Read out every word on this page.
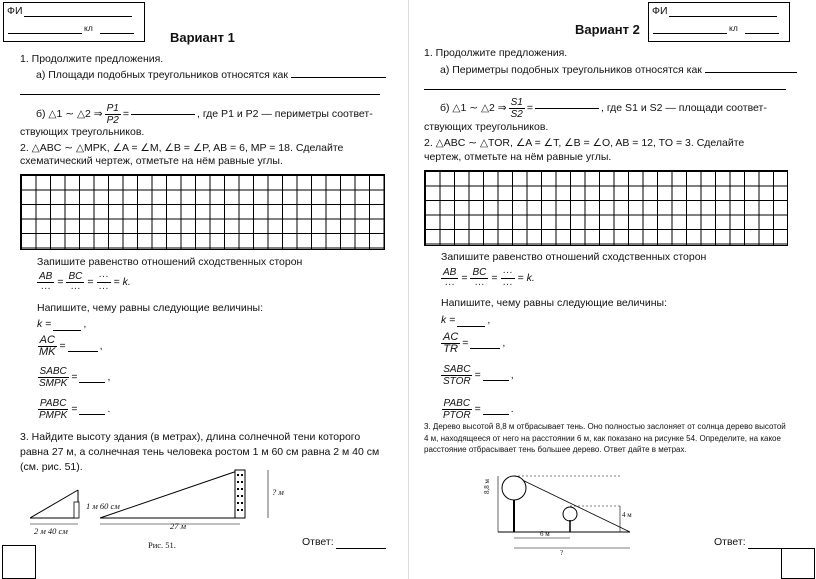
ФИ
кл
Вариант 1
1. Продолжите предложения.
а) Площади подобных треугольников относятся как
б) △1 ∼ △2 ⇒ $\frac{P1}{P2}$ =	, где P1 и P2 — периметры соответ-
ствующих треугольников.
2. △ABC ∼ △MPK, ∠A = ∠M, ∠B = ∠P, AB = 6, MP = 18. Сделайте
схематический чертеж, отметьте на нём равные углы.
Запишите равенство отношений сходственных сторон
$\frac{AB}{\cdot\cdot\cdot} = \frac{BC}{\cdot\cdot\cdot} = \frac{\cdot\cdot\cdot}{\cdot\cdot\cdot} = k$.
Напишите, чему равны следующие величины:
k =	,
$\frac{AC}{MK}$ =	,
$\frac{\text{SABC}}{\text{SMPK}}$ =	,
$\frac{\text{PABC}}{\text{PMPK}}$ =	.
3. Найдите высоту здания (в метрах), длина солнечной тени которого равна 27 м, а солнечная тень человека ростом 1 м 60 см равна 2 м 40 см (см. рис. 51).
1 м 60 см
2 м 40 см	27 м
? м
Рис. 51.	Ответ:
ФИ
кл
Вариант 2
1. Продолжите предложения.
а) Периметры подобных треугольников относятся как
б) △1 ∼ △2 ⇒ $\frac{S1}{S2}$ =	, где S1 и S2 — площади соответ-
ствующих треугольников.
2. △ABC ∼ △TOR, ∠A = ∠T, ∠B = ∠O, AB = 12, TO = 3. Сделайте
чертеж, отметьте на нём равные углы.
Запишите равенство отношений сходственных сторон
$\frac{AB}{\cdot\cdot\cdot} = \frac{BC}{\cdot\cdot\cdot} = \frac{\cdot\cdot\cdot}{\cdot\cdot\cdot} = k$.
Напишите, чему равны следующие величины:
k =	,
$\frac{AC}{TR}$ =	,
$\frac{\text{SABC}}{\text{STOR}}$ =	,
$\frac{\text{PABC}}{\text{PTOR}}$ =	.
3. Дерево высотой 8,8 м отбрасывает тень. Оно полностью заслоняет от солнца дерево высотой 4 м, находящееся от него на расстоянии 6 м, как показано на рисунке 54. Определите, на какое расстояние отбрасывает тень большее дерево. Ответ дайте в метрах.
8,8 м
4 м
6 м
?
Ответ:
